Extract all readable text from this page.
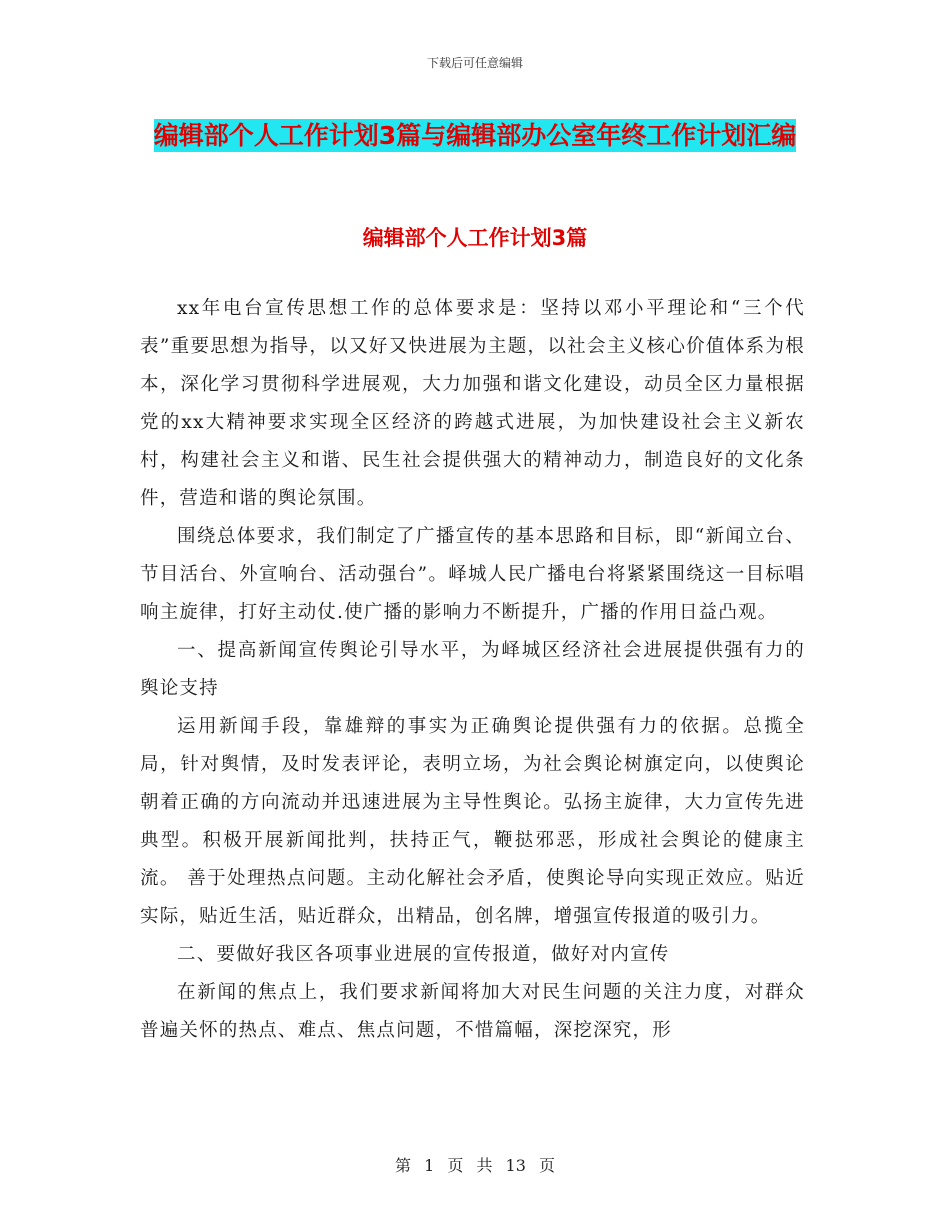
下载后可任意编辑
编辑部个人工作计划3篇与编辑部办公室年终工作计划汇编
编辑部个人工作计划3篇

xx年电台宣传思想工作的总体要求是：坚持以邓小平理论和“三个代表”重要思想为指导，以又好又快进展为主题，以社会主义核心价值体系为根本，深化学习贯彻科学进展观，大力加强和谐文化建设，动员全区力量根据党的xx大精神要求实现全区经济的跨越式进展，为加快建设社会主义新农村，构建社会主义和谐、民生社会提供强大的精神动力，制造良好的文化条件，营造和谐的舆论氛围。

围绕总体要求，我们制定了广播宣传的基本思路和目标，即“新闻立台、节目活台、外宣响台、活动强台”。峄城人民广播电台将紧紧围绕这一目标唱响主旋律，打好主动仗.使广播的影响力不断提升，广播的作用日益凸观。

一、提高新闻宣传舆论引导水平，为峄城区经济社会进展提供强有力的舆论支持

运用新闻手段，靠雄辩的事实为正确舆论提供强有力的依据。总揽全局，针对舆情，及时发表评论，表明立场，为社会舆论树旗定向，以使舆论朝着正确的方向流动并迅速进展为主导性舆论。弘扬主旋律，大力宣传先进典型。积极开展新闻批判，扶持正气，鞭挞邪恶，形成社会舆论的健康主流。 善于处理热点问题。主动化解社会矛盾，使舆论导向实现正效应。贴近实际，贴近生活，贴近群众，出精品，创名牌，增强宣传报道的吸引力。

二、要做好我区各项事业进展的宣传报道，做好对内宣传

在新闻的焦点上，我们要求新闻将加大对民生问题的关注力度，对群众普遍关怀的热点、难点、焦点问题，不惜篇幅，深挖深究，形

第 1 页 共 13 页
